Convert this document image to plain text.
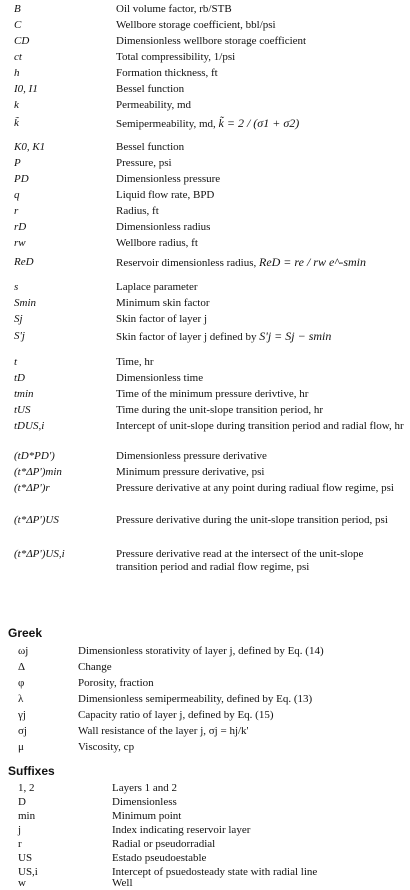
B	Oil volume factor, rb/STB
C	Wellbore storage coefficient, bbl/psi
CD	Dimensionless wellbore storage coefficient
ct	Total compressibility, 1/psi
h	Formation thickness, ft
I0, I1	Bessel function
k	Permeability, md
k̃	Semipermeability, md, k̃ = 2 / (σ1 + σ2)
K0, K1	Bessel function
P	Pressure, psi
PD	Dimensionless pressure
q	Liquid flow rate, BPD
r	Radius, ft
rD	Dimensionless radius
rw	Wellbore radius, ft
ReD	Reservoir dimensionless radius, ReD = re / rw e^-smin
s	Laplace parameter
Smin	Minimum skin factor
Sj	Skin factor of layer j
S'j	Skin factor of layer j defined by S'j = Sj − smin
t	Time, hr
tD	Dimensionless time
tmin	Time of the minimum pressure derivtive, hr
tUS	Time during the unit-slope transition period, hr
tDUS,i	Intercept of unit-slope during transition period and radial flow, hr
(tD*PD')	Dimensionless pressure derivative
(t*ΔP')min	Minimum pressure derivative, psi
(t*ΔP')r	Pressure derivative at any point during radiual flow regime, psi
(t*ΔP')US	Pressure derivative during the unit-slope transition period, psi
(t*ΔP')US,i	Pressure derivative read at the intersect of the unit-slope transition period and radial flow regime, psi
Greek
ωj	Dimensionless storativity of layer j, defined by Eq. (14)
Δ	Change
φ	Porosity, fraction
λ	Dimensionless semipermeability, defined by Eq. (13)
γj	Capacity ratio of layer j, defined by Eq. (15)
σj	Wall resistance of the layer j, σj = hj/k'
μ	Viscosity, cp
Suffixes
1, 2	Layers 1 and 2
D	Dimensionless
min	Minimum point
j	Index indicating reservoir layer
r	Radial or pseudorradial
US	Estado pseudoestable
US,i	Intercept of psuedosteady state with radial line
w	Well
